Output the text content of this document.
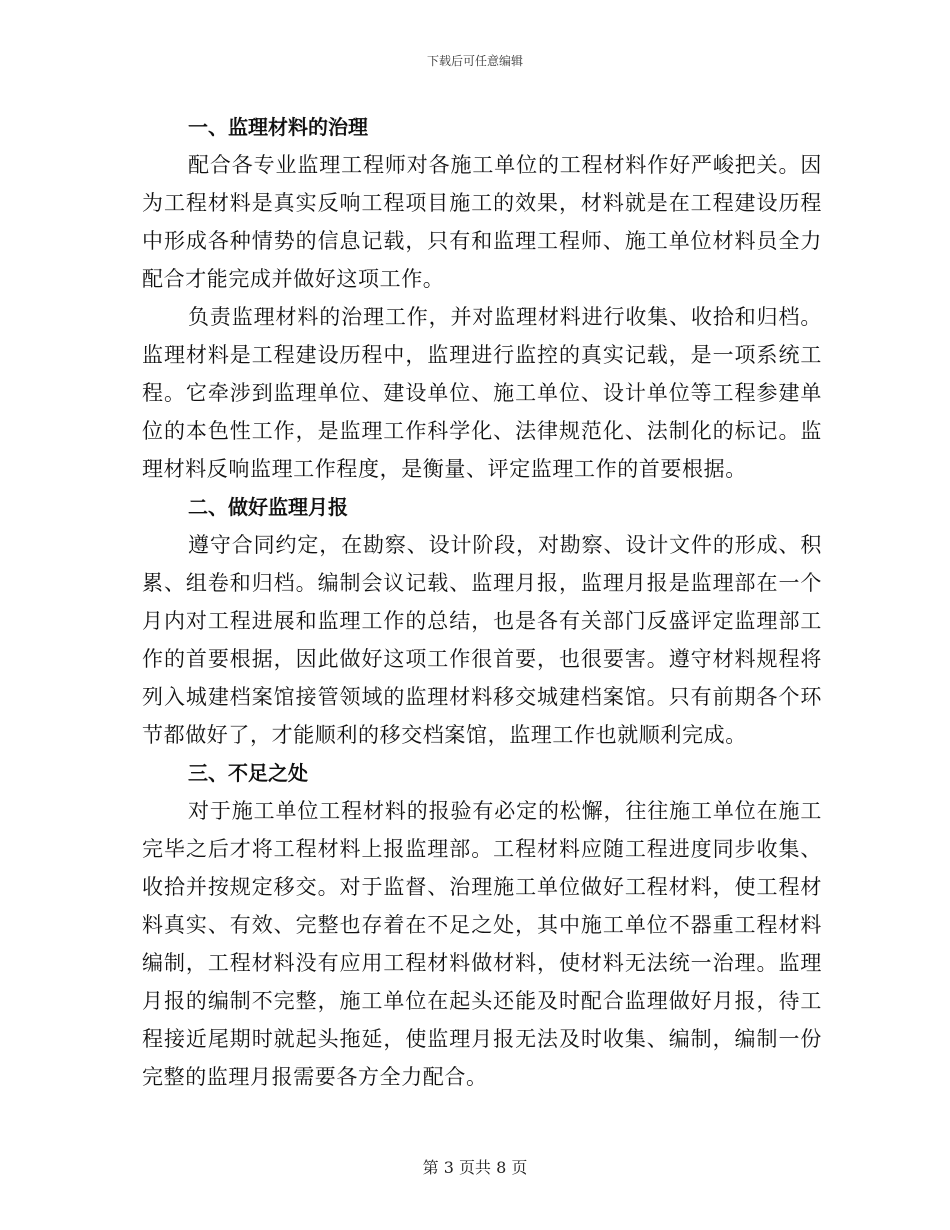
下载后可任意编辑

一、监理材料的治理

配合各专业监理工程师对各施工单位的工程材料作好严峻把关。因为工程材料是真实反响工程项目施工的效果，材料就是在工程建设历程中形成各种情势的信息记载，只有和监理工程师、施工单位材料员全力配合才能完成并做好这项工作。

负责监理材料的治理工作，并对监理材料进行收集、收拾和归档。监理材料是工程建设历程中，监理进行监控的真实记载，是一项系统工程。它牵涉到监理单位、建设单位、施工单位、设计单位等工程参建单位的本色性工作，是监理工作科学化、法律规范化、法制化的标记。监理材料反响监理工作程度，是衡量、评定监理工作的首要根据。

二、做好监理月报

遵守合同约定，在勘察、设计阶段，对勘察、设计文件的形成、积累、组卷和归档。编制会议记载、监理月报，监理月报是监理部在一个月内对工程进展和监理工作的总结，也是各有关部门反盛评定监理部工作的首要根据，因此做好这项工作很首要，也很要害。遵守材料规程将列入城建档案馆接管领域的监理材料移交城建档案馆。只有前期各个环节都做好了，才能顺利的移交档案馆，监理工作也就顺利完成。

三、不足之处

对于施工单位工程材料的报验有必定的松懈，往往施工单位在施工完毕之后才将工程材料上报监理部。工程材料应随工程进度同步收集、收拾并按规定移交。对于监督、治理施工单位做好工程材料，使工程材料真实、有效、完整也存着在不足之处，其中施工单位不器重工程材料编制，工程材料没有应用工程材料做材料，使材料无法统一治理。监理月报的编制不完整，施工单位在起头还能及时配合监理做好月报，待工程接近尾期时就起头拖延，使监理月报无法及时收集、编制，编制一份完整的监理月报需要各方全力配合。

第 3 页共 8 页
